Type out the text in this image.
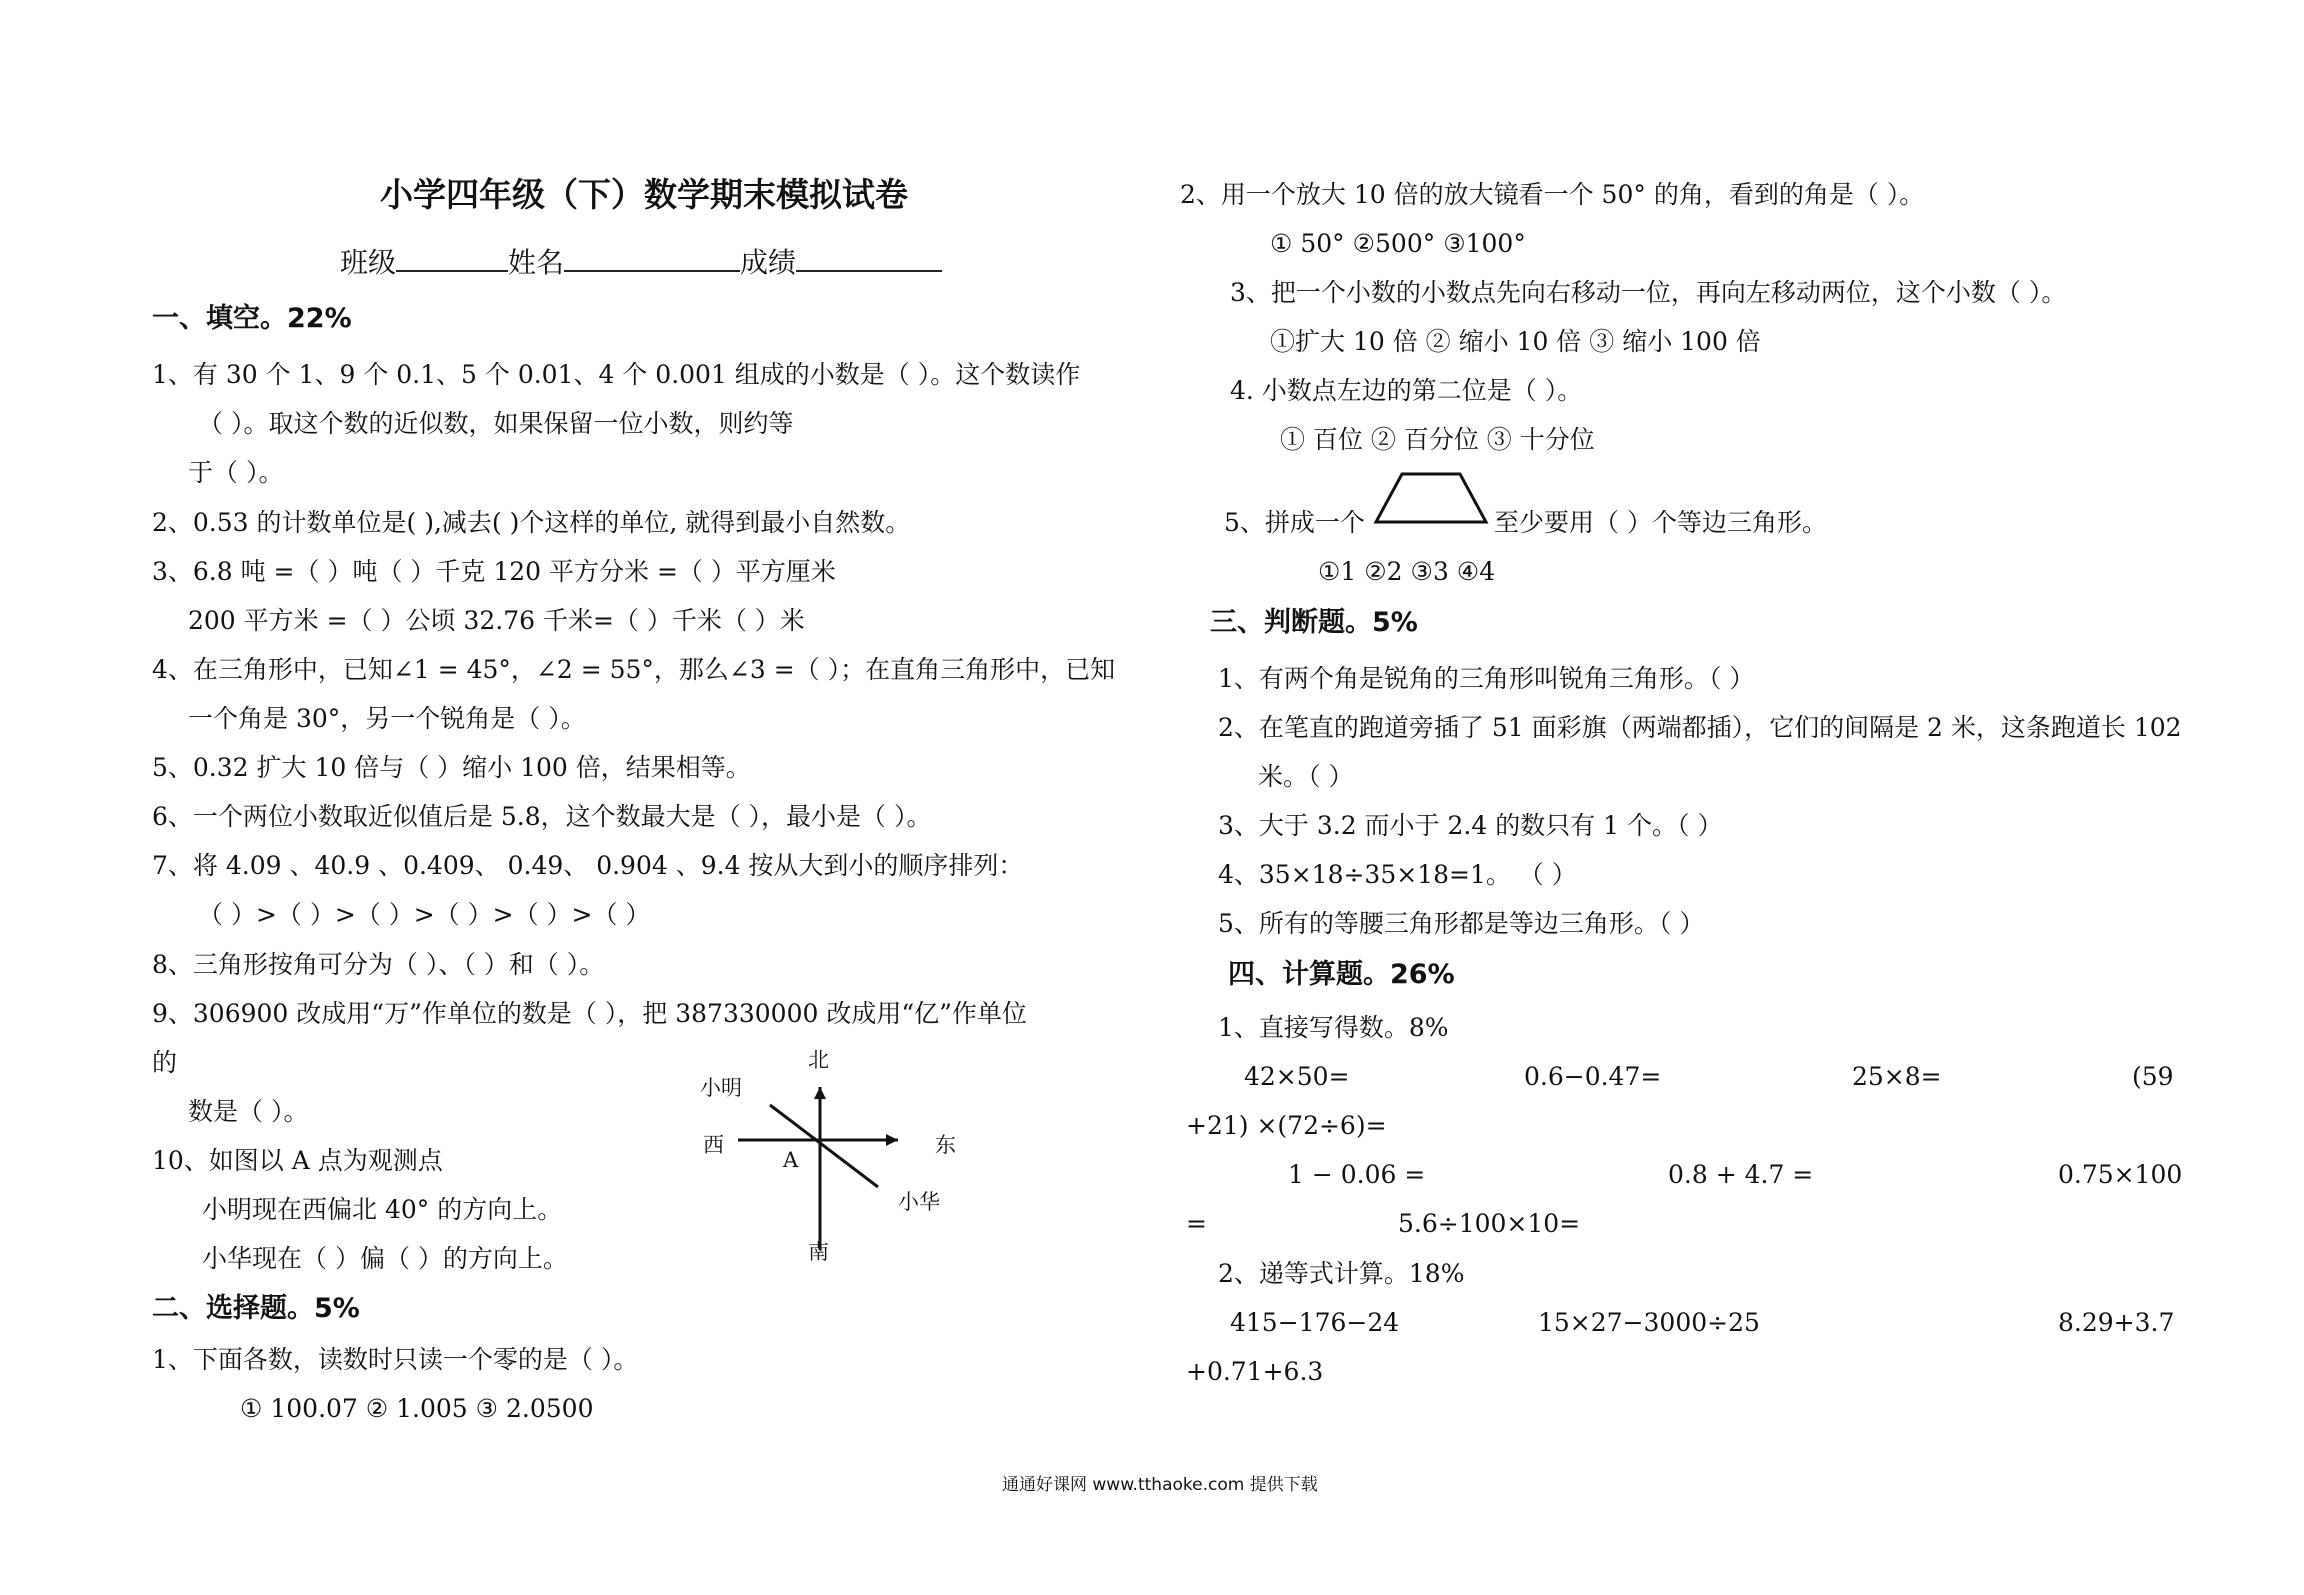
小学四年级（下）数学期末模拟试卷
班级	姓名	成绩
一、填空。22%
1、有 30 个 1、9 个 0.1、5 个 0.01、4 个 0.001 组成的小数是（ ）。这个数读作
（ ）。取这个数的近似数，如果保留一位小数，则约等
于（ ）。
2、0.53 的计数单位是( ),减去( )个这样的单位, 就得到最小自然数。
3、6.8 吨 =（ ）吨（ ）千克 120 平方分米 =（ ）平方厘米
200 平方米 =（ ）公顷 32.76 千米=（ ）千米（ ）米
4、在三角形中，已知∠1 = 45°，∠2 = 55°，那么∠3 =（ ）；在直角三角形中，已知
一个角是 30°，另一个锐角是（ ）。
5、0.32 扩大 10 倍与（ ）缩小 100 倍，结果相等。
6、一个两位小数取近似值后是 5.8，这个数最大是（ ），最小是（ ）。
7、将 4.09 、40.9 、0.409、 0.49、 0.904 、9.4 按从大到小的顺序排列：
（ ）>（ ）>（ ）>（ ）>（ ）>（ ）
8、三角形按角可分为（ ）、（ ）和（ ）。
9、306900 改成用“万”作单位的数是（ ），把 387330000 改成用“亿”作单位
的
数是（ ）。
10、如图以 A 点为观测点
小明现在西偏北 40° 的方向上。
小华现在（ ）偏（ ）的方向上。
北
南
东
西
A
小明
小华
二、选择题。5%
1、下面各数，读数时只读一个零的是（ ）。
① 100.07 ② 1.005 ③ 2.0500
2、用一个放大 10 倍的放大镜看一个 50° 的角，看到的角是（ ）。
① 50° ②500° ③100°
3、把一个小数的小数点先向右移动一位，再向左移动两位，这个小数（ ）。
①扩大 10 倍 ② 缩小 10 倍 ③ 缩小 100 倍
4. 小数点左边的第二位是（ ）。
① 百位 ② 百分位 ③ 十分位
5、拼成一个	至少要用（ ）个等边三角形。
①1 ②2 ③3 ④4
三、判断题。5%
1、有两个角是锐角的三角形叫锐角三角形。（ ）
2、在笔直的跑道旁插了 51 面彩旗（两端都插），它们的间隔是 2 米，这条跑道长 102
米。（ ）
3、大于 3.2 而小于 2.4 的数只有 1 个。（ ）
4、35×18÷35×18=1。 （ ）
5、所有的等腰三角形都是等边三角形。（ ）
四、计算题。26%
1、直接写得数。8%
42×50=	0.6−0.47=	25×8=	(59
+21) ×(72÷6)=
1 − 0.06 =	0.8 + 4.7 =	0.75×100
=	5.6÷100×10=
2、递等式计算。18%
415−176−24	15×27−3000÷25	8.29+3.7
+0.71+6.3
通通好课网 www.tthaoke.com 提供下载
